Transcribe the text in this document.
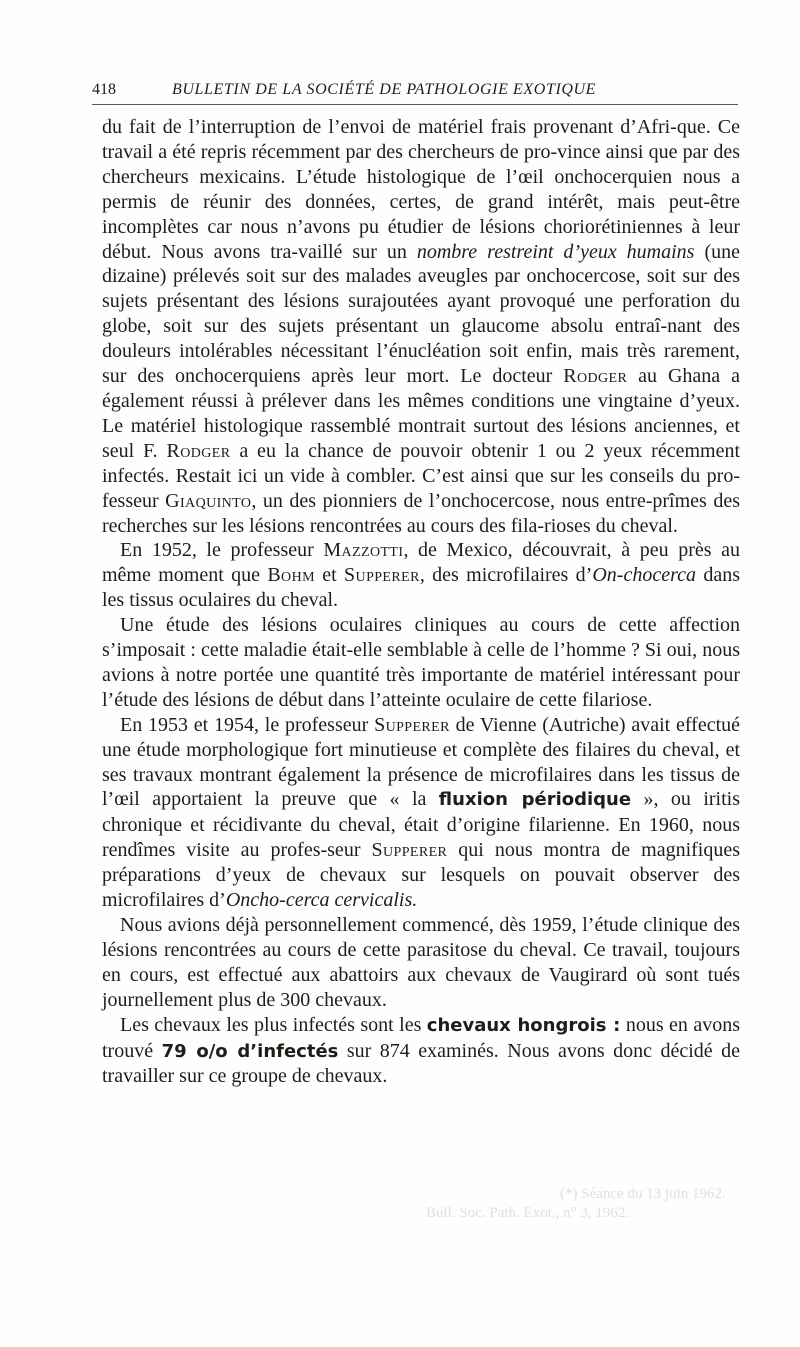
418	BULLETIN DE LA SOCIÉTÉ DE PATHOLOGIE EXOTIQUE

du fait de l’interruption de l’envoi de matériel frais provenant d’Afri-que. Ce travail a été repris récemment par des chercheurs de pro-vince ainsi que par des chercheurs mexicains. L’étude histologique de l’œil onchocerquien nous a permis de réunir des données, certes, de grand intérêt, mais peut-être incomplètes car nous n’avons pu étudier de lésions choriorétiniennes à leur début. Nous avons tra-vaillé sur un nombre restreint d’yeux humains (une dizaine) prélevés soit sur des malades aveugles par onchocercose, soit sur des sujets présentant des lésions surajoutées ayant provoqué une perforation du globe, soit sur des sujets présentant un glaucome absolu entraî-nant des douleurs intolérables nécessitant l’énucléation soit enfin, mais très rarement, sur des onchocerquiens après leur mort. Le docteur Rodger au Ghana a également réussi à prélever dans les mêmes conditions une vingtaine d’yeux. Le matériel histologique rassemblé montrait surtout des lésions anciennes, et seul F. Rodger a eu la chance de pouvoir obtenir 1 ou 2 yeux récemment infectés. Restait ici un vide à combler. C’est ainsi que sur les conseils du pro-fesseur Giaquinto, un des pionniers de l’onchocercose, nous entre-prîmes des recherches sur les lésions rencontrées au cours des fila-rioses du cheval.

En 1952, le professeur Mazzotti, de Mexico, découvrait, à peu près au même moment que Bohm et Supperer, des microfilaires d’On-chocerca dans les tissus oculaires du cheval.

Une étude des lésions oculaires cliniques au cours de cette affection s’imposait : cette maladie était-elle semblable à celle de l’homme ? Si oui, nous avions à notre portée une quantité très importante de matériel intéressant pour l’étude des lésions de début dans l’atteinte oculaire de cette filariose.

En 1953 et 1954, le professeur Supperer de Vienne (Autriche) avait effectué une étude morphologique fort minutieuse et complète des filaires du cheval, et ses travaux montrant également la présence de microfilaires dans les tissus de l’œil apportaient la preuve que « la fluxion périodique », ou iritis chronique et récidivante du cheval, était d’origine filarienne. En 1960, nous rendîmes visite au profes-seur Supperer qui nous montra de magnifiques préparations d’yeux de chevaux sur lesquels on pouvait observer des microfilaires d’Oncho-cerca cervicalis.

Nous avions déjà personnellement commencé, dès 1959, l’étude clinique des lésions rencontrées au cours de cette parasitose du cheval. Ce travail, toujours en cours, est effectué aux abattoirs aux chevaux de Vaugirard où sont tués journellement plus de 300 chevaux.

Les chevaux les plus infectés sont les chevaux hongrois : nous en avons trouvé 79 o/o d’infectés sur 874 examinés. Nous avons donc décidé de travailler sur ce groupe de chevaux.

(*) Séance du 13 juin 1962.
Bull. Soc. Path. Exot., n° 3, 1962.
